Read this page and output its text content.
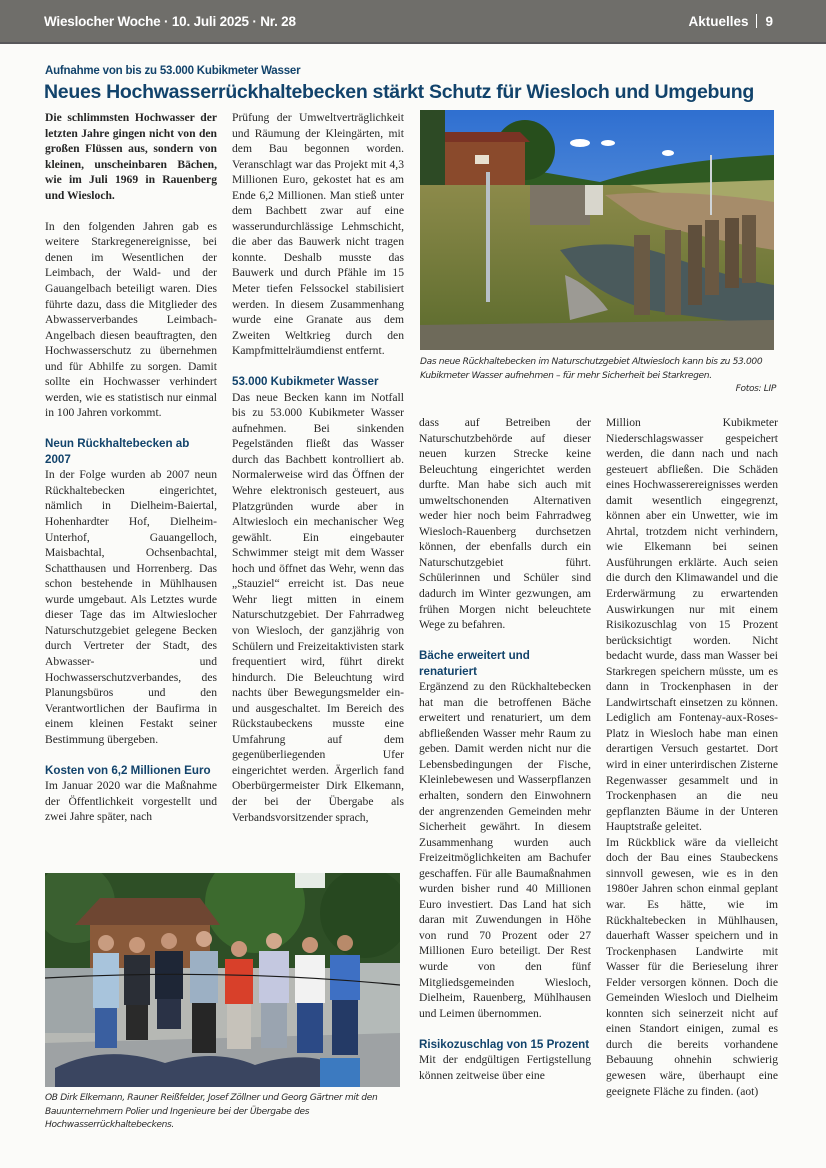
Wieslocher Woche · 10. Juli 2025 · Nr. 28	Aktuelles 9
Aufnahme von bis zu 53.000 Kubikmeter Wasser
Neues Hochwasserrückhaltebecken stärkt Schutz für Wiesloch und Umgebung

Die schlimmsten Hochwasser der letzten Jahre gingen nicht von den großen Flüssen aus, sondern von kleinen, unscheinbaren Bächen, wie im Juli 1969 in Rauenberg und Wiesloch.

In den folgenden Jahren gab es weitere Starkregenereignisse, bei denen im Wesentlichen der Leimbach, der Wald- und der Gauangelbach beteiligt waren. Dies führte dazu, dass die Mitglieder des Abwasserverbandes Leimbach-Angelbach diesen beauftragten, den Hochwasserschutz zu übernehmen und für Abhilfe zu sorgen. Damit sollte ein Hochwasser verhindert werden, wie es statistisch nur einmal in 100 Jahren vorkommt.

Neun Rückhaltebecken ab 2007

In der Folge wurden ab 2007 neun Rückhaltebecken eingerichtet, nämlich in Dielheim-Baiertal, Hohenhardter Hof, Dielheim-Unterhof, Gauangelloch, Maisbachtal, Ochsenbachtal, Schatthausen und Horrenberg. Das schon bestehende in Mühlhausen wurde umgebaut. Als Letztes wurde dieser Tage das im Altwieslocher Naturschutzgebiet gelegene Becken durch Vertreter der Stadt, des Abwasser- und Hochwasserschutzverbandes, des Planungsbüros und den Verantwortlichen der Baufirma in einem kleinen Festakt seiner Bestimmung übergeben.

Kosten von 6,2 Millionen Euro

Im Januar 2020 war die Maßnahme der Öffentlichkeit vorgestellt und zwei Jahre später, nach

Prüfung der Umweltverträglichkeit und Räumung der Kleingärten, mit dem Bau begonnen worden. Veranschlagt war das Projekt mit 4,3 Millionen Euro, gekostet hat es am Ende 6,2 Millionen. Man stieß unter dem Bachbett zwar auf eine wasserundurchlässige Lehmschicht, die aber das Bauwerk nicht tragen konnte. Deshalb musste das Bauwerk und durch Pfähle im 15 Meter tiefen Felssockel stabilisiert werden. In diesem Zusammenhang wurde eine Granate aus dem Zweiten Weltkrieg durch den Kampfmittelräumdienst entfernt.

53.000 Kubikmeter Wasser

Das neue Becken kann im Notfall bis zu 53.000 Kubikmeter Wasser aufnehmen. Bei sinkenden Pegelständen fließt das Wasser durch das Bachbett kontrolliert ab. Normalerweise wird das Öffnen der Wehre elektronisch gesteuert, aus Platzgründen wurde aber in Altwiesloch ein mechanischer Weg gewählt. Ein eingebauter Schwimmer steigt mit dem Wasser hoch und öffnet das Wehr, wenn das „Stauziel“ erreicht ist. Das neue Wehr liegt mitten in einem Naturschutzgebiet. Der Fahrradweg von Wiesloch, der ganzjährig von Schülern und Freizeitaktivisten stark frequentiert wird, führt direkt hindurch. Die Beleuchtung wird nachts über Bewegungsmelder ein- und ausgeschaltet. Im Bereich des Rückstaubeckens musste eine Umfahrung auf dem gegenüberliegenden Ufer eingerichtet werden. Ärgerlich fand Oberbürgermeister Dirk Elkemann, der bei der Übergabe als Verbandsvorsitzender sprach,

dass auf Betreiben der Naturschutzbehörde auf dieser neuen kurzen Strecke keine Beleuchtung eingerichtet werden durfte. Man habe sich auch mit umweltschonenden Alternativen weder hier noch beim Fahrradweg Wiesloch-Rauenberg durchsetzen können, der ebenfalls durch ein Naturschutzgebiet führt. Schülerinnen und Schüler sind dadurch im Winter gezwungen, am frühen Morgen nicht beleuchtete Wege zu befahren.

Bäche erweitert und renaturiert

Ergänzend zu den Rückhaltebecken hat man die betroffenen Bäche erweitert und renaturiert, um dem abfließenden Wasser mehr Raum zu geben. Damit werden nicht nur die Lebensbedingungen der Fische, Kleinlebewesen und Wasserpflanzen erhalten, sondern den Einwohnern der angrenzenden Gemeinden mehr Sicherheit gewährt. In diesem Zusammenhang wurden auch Freizeitmöglichkeiten am Bachufer geschaffen. Für alle Baumaßnahmen wurden bisher rund 40 Millionen Euro investiert. Das Land hat sich daran mit Zuwendungen in Höhe von rund 70 Prozent oder 27 Millionen Euro beteiligt. Der Rest wurde von den fünf Mitgliedsgemeinden Wiesloch, Dielheim, Rauenberg, Mühlhausen und Leimen übernommen.

Risikozuschlag von 15 Prozent

Mit der endgültigen Fertigstellung können zeitweise über eine

Million Kubikmeter Niederschlagswasser gespeichert werden, die dann nach und nach gesteuert abfließen. Die Schäden eines Hochwasserereignisses werden damit wesentlich eingegrenzt, können aber ein Unwetter, wie im Ahrtal, trotzdem nicht verhindern, wie Elkemann bei seinen Ausführungen erklärte. Auch seien die durch den Klimawandel und die Erderwärmung zu erwartenden Auswirkungen nur mit einem Risikozuschlag von 15 Prozent berücksichtigt worden. Nicht bedacht wurde, dass man Wasser bei Starkregen speichern müsste, um es dann in Trockenphasen in der Landwirtschaft einsetzen zu können. Lediglich am Fontenay-aux-Roses-Platz in Wiesloch habe man einen derartigen Versuch gestartet. Dort wird in einer unterirdischen Zisterne Regenwasser gesammelt und in Trockenphasen an die neu gepflanzten Bäume in der Unteren Hauptstraße geleitet.

Im Rückblick wäre da vielleicht doch der Bau eines Staubeckens sinnvoll gewesen, wie es in den 1980er Jahren schon einmal geplant war. Es hätte, wie im Rückhaltebecken in Mühlhausen, dauerhaft Wasser speichern und in Trockenphasen Landwirte mit Wasser für die Berieselung ihrer Felder versorgen können. Doch die Gemeinden Wiesloch und Dielheim konnten sich seinerzeit nicht auf einen Standort einigen, zumal es durch die bereits vorhandene Bebauung ohnehin schwierig gewesen wäre, überhaupt eine geeignete Fläche zu finden. (aot)

Das neue Rückhaltebecken im Naturschutzgebiet Altwiesloch kann bis zu 53.000 Kubikmeter Wasser aufnehmen – für mehr Sicherheit bei Starkregen.
Fotos: LIP
OB Dirk Elkemann, Rauner Reißfelder, Josef Zöllner und Georg Gärtner mit den Bauunternehmern Polier und Ingenieure bei der Übergabe des Hochwasserrückhaltebeckens.
